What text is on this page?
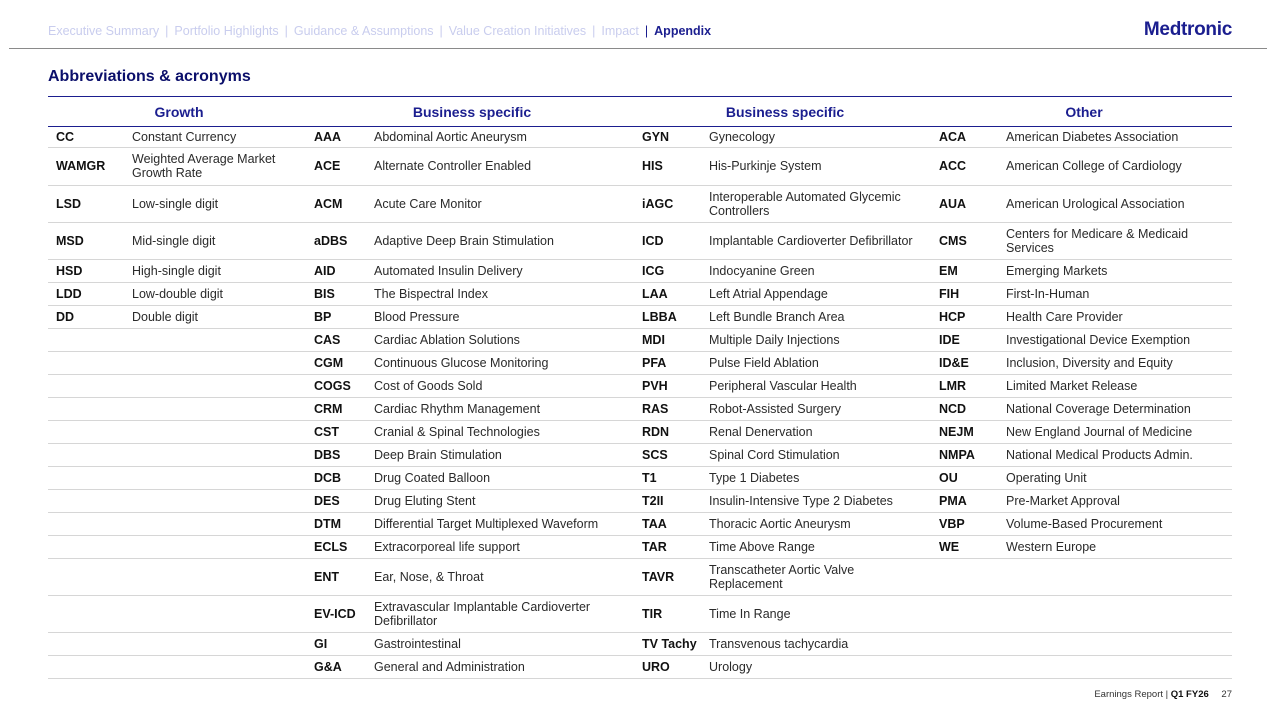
Executive Summary | Portfolio Highlights | Guidance & Assumptions | Value Creation Initiatives | Impact | Appendix	Medtronic
Abbreviations & acronyms
Growth	Business specific	Business specific	Other
CC	Constant Currency	AAA	Abdominal Aortic Aneurysm	GYN	Gynecology	ACA	American Diabetes Association
WAMGR	Weighted Average Market Growth Rate	ACE	Alternate Controller Enabled	HIS	His-Purkinje System	ACC	American College of Cardiology
LSD	Low-single digit	ACM	Acute Care Monitor	iAGC	Interoperable Automated Glycemic Controllers	AUA	American Urological Association
MSD	Mid-single digit	aDBS	Adaptive Deep Brain Stimulation	ICD	Implantable Cardioverter Defibrillator	CMS	Centers for Medicare & Medicaid Services
HSD	High-single digit	AID	Automated Insulin Delivery	ICG	Indocyanine Green	EM	Emerging Markets
LDD	Low-double digit	BIS	The Bispectral Index	LAA	Left Atrial Appendage	FIH	First-In-Human
DD	Double digit	BP	Blood Pressure	LBBA	Left Bundle Branch Area	HCP	Health Care Provider
		CAS	Cardiac Ablation Solutions	MDI	Multiple Daily Injections	IDE	Investigational Device Exemption
		CGM	Continuous Glucose Monitoring	PFA	Pulse Field Ablation	ID&E	Inclusion, Diversity and Equity
		COGS	Cost of Goods Sold	PVH	Peripheral Vascular Health	LMR	Limited Market Release
		CRM	Cardiac Rhythm Management	RAS	Robot-Assisted Surgery	NCD	National Coverage Determination
		CST	Cranial & Spinal Technologies	RDN	Renal Denervation	NEJM	New England Journal of Medicine
		DBS	Deep Brain Stimulation	SCS	Spinal Cord Stimulation	NMPA	National Medical Products Admin.
		DCB	Drug Coated Balloon	T1	Type 1 Diabetes	OU	Operating Unit
		DES	Drug Eluting Stent	T2II	Insulin-Intensive Type 2 Diabetes	PMA	Pre-Market Approval
		DTM	Differential Target Multiplexed Waveform	TAA	Thoracic Aortic Aneurysm	VBP	Volume-Based Procurement
		ECLS	Extracorporeal life support	TAR	Time Above Range	WE	Western Europe
		ENT	Ear, Nose, & Throat	TAVR	Transcatheter Aortic Valve Replacement		
		EV-ICD	Extravascular Implantable Cardioverter Defibrillator	TIR	Time In Range		
		GI	Gastrointestinal	TV Tachy	Transvenous tachycardia		
		G&A	General and Administration	URO	Urology		
Earnings Report | Q1 FY26 27
